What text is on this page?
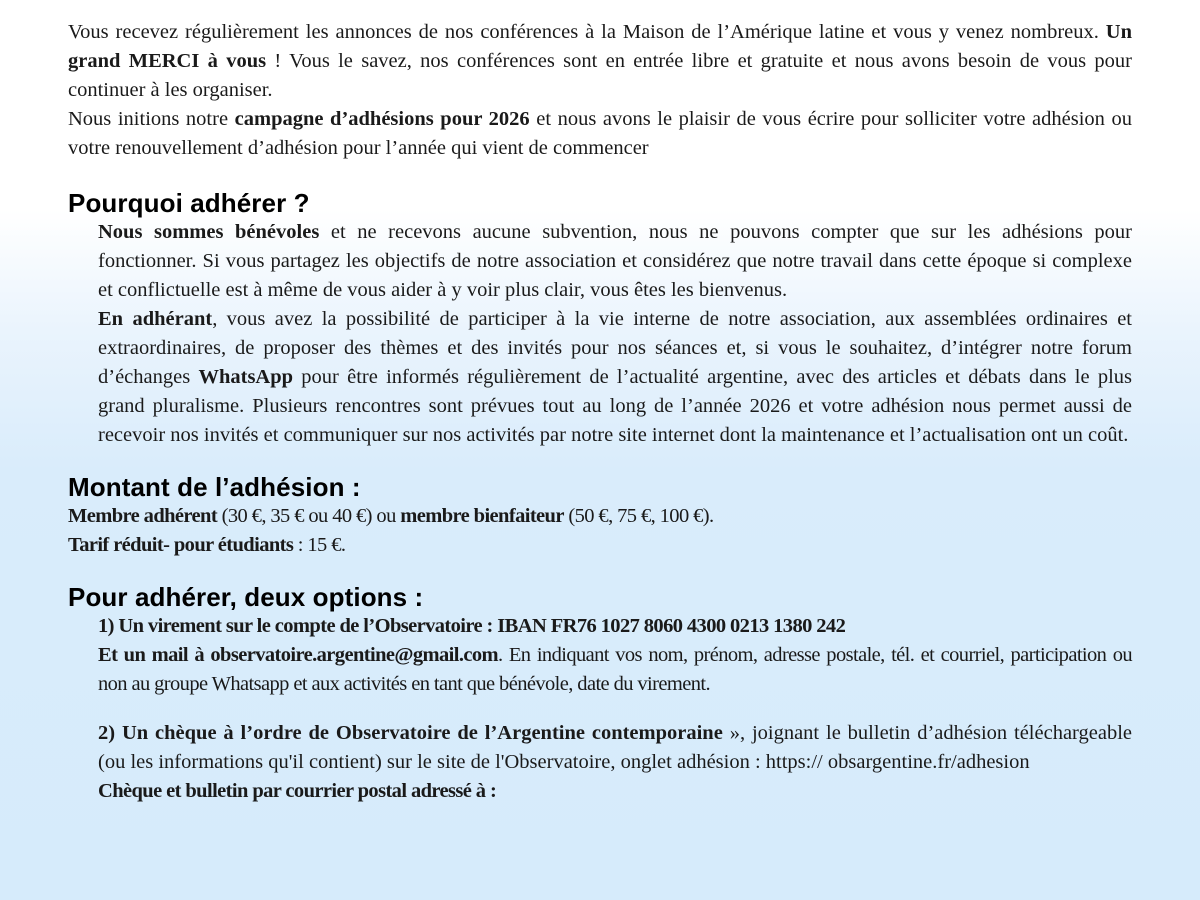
Vous recevez régulièrement les annonces de nos conférences à la Maison de l’Amérique latine et vous y venez nombreux. Un grand MERCI à vous ! Vous le savez, nos conférences sont en entrée libre et gratuite et nous avons besoin de vous pour continuer à les organiser.

Nous initions notre campagne d’adhésions pour 2026 et nous avons le plaisir de vous écrire pour solliciter votre adhésion ou votre renouvellement d’adhésion pour l’année qui vient de commencer

Pourquoi adhérer ?

Nous sommes bénévoles et ne recevons aucune subvention, nous ne pouvons compter que sur les adhésions pour fonctionner. Si vous partagez les objectifs de notre association et considérez que notre travail dans cette époque si complexe et conflictuelle est à même de vous aider à y voir plus clair, vous êtes les bienvenus.

En adhérant, vous avez la possibilité de participer à la vie interne de notre association, aux assemblées ordinaires et extraordinaires, de proposer des thèmes et des invités pour nos séances et, si vous le souhaitez, d’intégrer notre forum d’échanges WhatsApp pour être informés régulièrement de l’actualité argentine, avec des articles et débats dans le plus grand pluralisme. Plusieurs rencontres sont prévues tout au long de l’année 2026 et votre adhésion nous permet aussi de recevoir nos invités et communiquer sur nos activités par notre site internet dont la maintenance et l’actualisation ont un coût.

Montant de l’adhésion :

Membre adhérent (30 €, 35 € ou 40 €) ou membre bienfaiteur (50 €, 75 €, 100 €).

Tarif réduit- pour étudiants : 15 €.

Pour adhérer, deux options :

1) Un virement sur le compte de l’Observatoire : IBAN FR76 1027 8060 4300 0213 1380 242

Et un mail à observatoire.argentine@gmail.com. En indiquant vos nom, prénom, adresse postale, tél. et courriel, participation ou non au groupe Whatsapp et aux activités en tant que bénévole, date du virement.

2) Un chèque à l’ordre de Observatoire de l’Argentine contemporaine », joignant le bulletin d’adhésion téléchargeable (ou les informations qu'il contient) sur le site de l'Observatoire, onglet adhésion : https:// obsargentine.fr/adhesion

Chèque et bulletin par courrier postal adressé à :
